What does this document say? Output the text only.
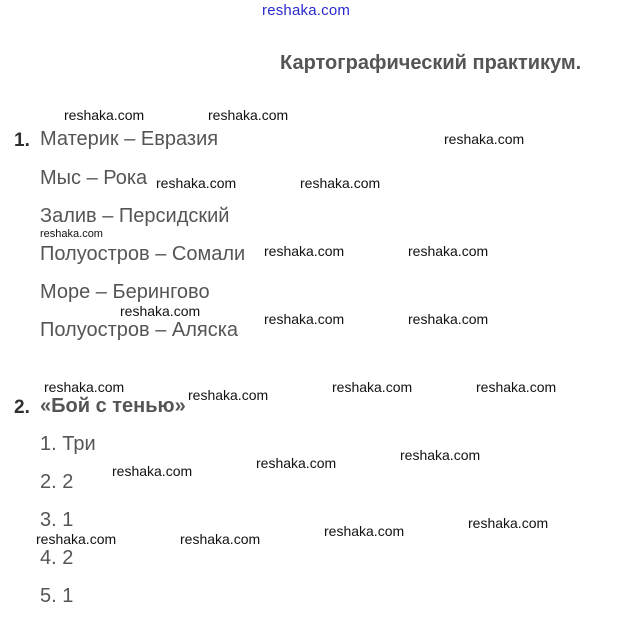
reshaka.com
Картографический практикум.
1. Материк – Евразия
Мыс – Рока
Залив – Персидский
Полуостров – Сомали
Море – Берингово
Полуостров – Аляска
2. «Бой с тенью»
1. Три
2. 2
3. 1
4. 2
5. 1
reshaka.com	reshaka.com
reshaka.com
reshaka.com	reshaka.com
reshaka.com
reshaka.com	reshaka.com
reshaka.com	reshaka.com	reshaka.com
reshaka.com	reshaka.com	reshaka.com	reshaka.com
reshaka.com	reshaka.com	reshaka.com
reshaka.com
reshaka.com
reshaka.com	reshaka.com
